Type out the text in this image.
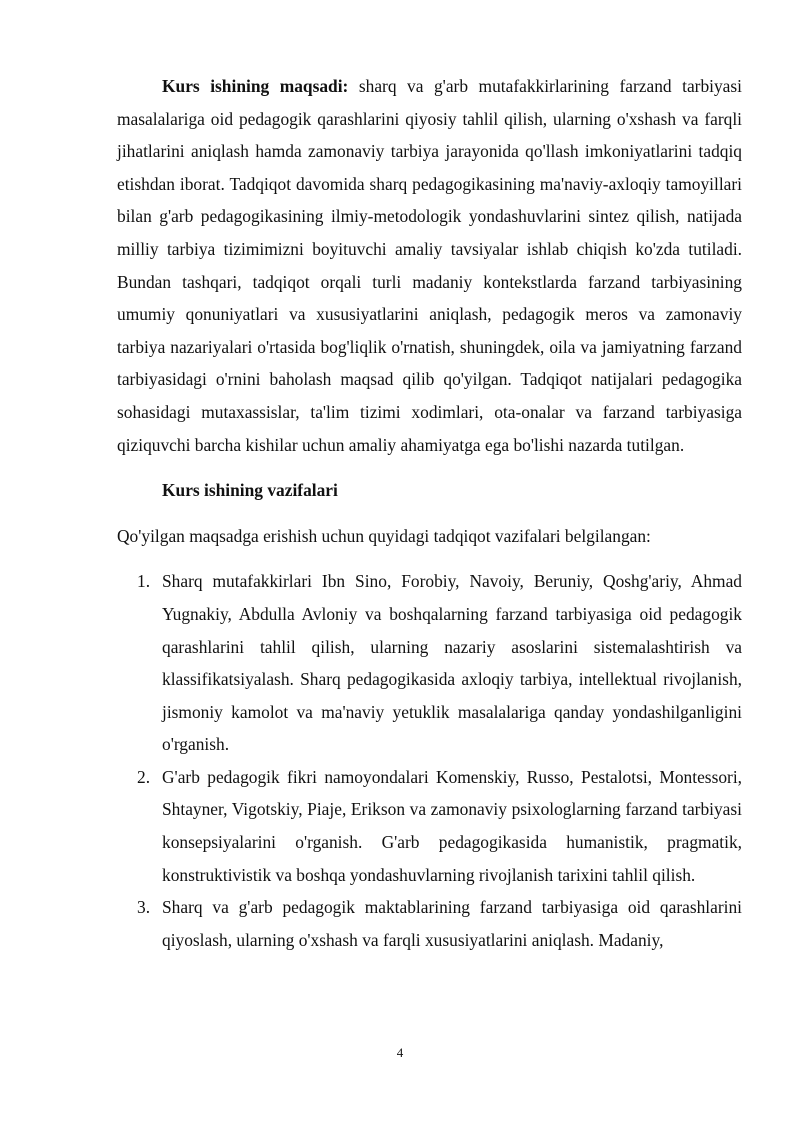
Kurs ishining maqsadi: sharq va g'arb mutafakkirlarining farzand tarbiyasi masalalariga oid pedagogik qarashlarini qiyosiy tahlil qilish, ularning o'xshash va farqli jihatlarini aniqlash hamda zamonaviy tarbiya jarayonida qo'llash imkoniyatlarini tadqiq etishdan iborat. Tadqiqot davomida sharq pedagogikasining ma'naviy-axloqiy tamoyillari bilan g'arb pedagogikasining ilmiy-metodologik yondashuvlarini sintez qilish, natijada milliy tarbiya tizimimizni boyituvchi amaliy tavsiyalar ishlab chiqish ko'zda tutiladi. Bundan tashqari, tadqiqot orqali turli madaniy kontekstlarda farzand tarbiyasining umumiy qonuniyatlari va xususiyatlarini aniqlash, pedagogik meros va zamonaviy tarbiya nazariyalari o'rtasida bog'liqlik o'rnatish, shuningdek, oila va jamiyatning farzand tarbiyasidagi o'rnini baholash maqsad qilib qo'yilgan. Tadqiqot natijalari pedagogika sohasidagi mutaxassislar, ta'lim tizimi xodimlari, ota-onalar va farzand tarbiyasiga qiziquvchi barcha kishilar uchun amaliy ahamiyatga ega bo'lishi nazarda tutilgan.

Kurs ishining vazifalari

Qo'yilgan maqsadga erishish uchun quyidagi tadqiqot vazifalari belgilangan:

1. Sharq mutafakkirlari Ibn Sino, Forobiy, Navoiy, Beruniy, Qoshg'ariy, Ahmad Yugnakiy, Abdulla Avloniy va boshqalarning farzand tarbiyasiga oid pedagogik qarashlarini tahlil qilish, ularning nazariy asoslarini sistemalashtirish va klassifikatsiyalash. Sharq pedagogikasida axloqiy tarbiya, intellektual rivojlanish, jismoniy kamolot va ma'naviy yetuklik masalalariga qanday yondashilganligini o'rganish.
2. G'arb pedagogik fikri namoyondalari Komenskiy, Russo, Pestalotsi, Montessori, Shtayner, Vigotskiy, Piaje, Erikson va zamonaviy psixologlarning farzand tarbiyasi konsepsiyalarini o'rganish. G'arb pedagogikasida humanistik, pragmatik, konstruktivistik va boshqa yondashuvlarning rivojlanish tarixini tahlil qilish.
3. Sharq va g'arb pedagogik maktablarining farzand tarbiyasiga oid qarashlarini qiyoslash, ularning o'xshash va farqli xususiyatlarini aniqlash. Madaniy,
4
